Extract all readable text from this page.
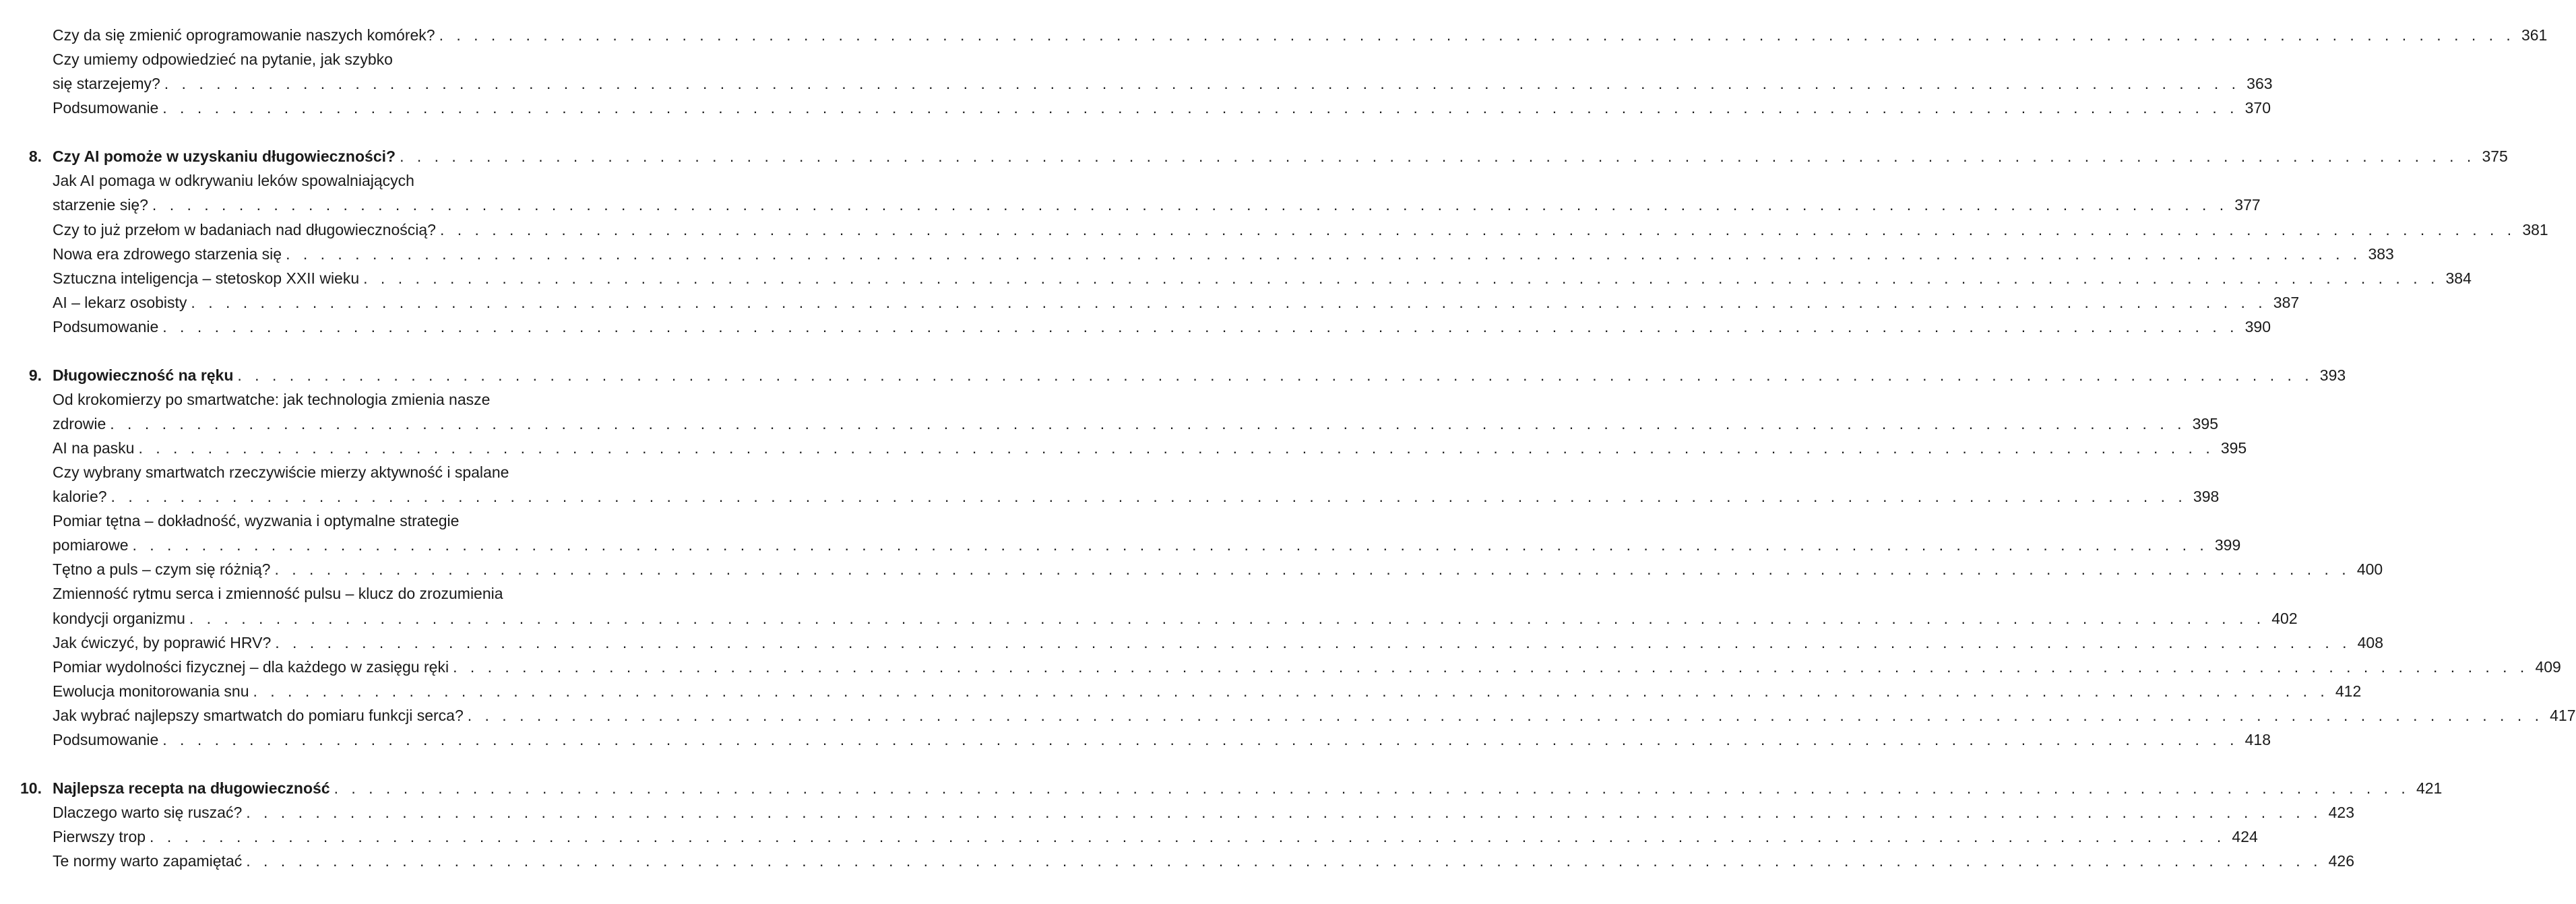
Czy da się zmienić oprogramowanie naszych komórek? . . . . . . . . . . . . . . . . . . . . . . . . . . . . . . . . . . . . . . . . . . . . . . . . . . . . . . . . . . . . . . . . . . . . . . . . . . . . . . . . . . . . . . . . . . . . . . . . . . . . . . . . . . . . . . . . . . . . . . . . 361
Czy umiemy odpowiedzieć na pytanie, jak szybko
się starzejemy? . . . . . . . . . . . . . . . . . . . . . . . . . . . . . . . . . . . . . . . . . . . . . . . . . . . . . . . . . . . . . . . . . . . . . . . . . . . . . . . . . . . . . . . . . . . . . . . . . . . . . . . . . . . . . . . . . . . . . . . . 363
Podsumowanie . . . . . . . . . . . . . . . . . . . . . . . . . . . . . . . . . . . . . . . . . . . . . . . . . . . . . . . . . . . . . . . . . . . . . . . . . . . . . . . . . . . . . . . . . . . . . . . . . . . . . . . . . . . . . . . . . . . . . . . . 370
8. Czy AI pomoże w uzyskaniu długowieczności? . . . . . . . . . . . . . . . . . . . . . . . . . . . . . . . . . . . . . . . . . . . . . . . . . . . . . . . . . . . . . . . . . . . . . . . . . . . . . . . . . . . . . . . . . . . . . . . . . . . . . . . . . . . . . . . . . . . . . . . . 375
Jak AI pomaga w odkrywaniu leków spowalniających
starzenie się? . . . . . . . . . . . . . . . . . . . . . . . . . . . . . . . . . . . . . . . . . . . . . . . . . . . . . . . . . . . . . . . . . . . . . . . . . . . . . . . . . . . . . . . . . . . . . . . . . . . . . . . . . . . . . . . . . . . . . . . . 377
Czy to już przełom w badaniach nad długowiecznością? . . . . . . . . . . . . . . . . . . . . . . . . . . . . . . . . . . . . . . . . . . . . . . . . . . . . . . . . . . . . . . . . . . . . . . . . . . . . . . . . . . . . . . . . . . . . . . . . . . . . . . . . . . . . . . . . . . . . . . . . 381
Nowa era zdrowego starzenia się . . . . . . . . . . . . . . . . . . . . . . . . . . . . . . . . . . . . . . . . . . . . . . . . . . . . . . . . . . . . . . . . . . . . . . . . . . . . . . . . . . . . . . . . . . . . . . . . . . . . . . . . . . . . . . . . . . . . . . . . 383
Sztuczna inteligencja – stetoskop XXII wieku . . . . . . . . . . . . . . . . . . . . . . . . . . . . . . . . . . . . . . . . . . . . . . . . . . . . . . . . . . . . . . . . . . . . . . . . . . . . . . . . . . . . . . . . . . . . . . . . . . . . . . . . . . . . . . . . . . . . . . . . 384
AI – lekarz osobisty . . . . . . . . . . . . . . . . . . . . . . . . . . . . . . . . . . . . . . . . . . . . . . . . . . . . . . . . . . . . . . . . . . . . . . . . . . . . . . . . . . . . . . . . . . . . . . . . . . . . . . . . . . . . . . . . . . . . . . . . 387
Podsumowanie . . . . . . . . . . . . . . . . . . . . . . . . . . . . . . . . . . . . . . . . . . . . . . . . . . . . . . . . . . . . . . . . . . . . . . . . . . . . . . . . . . . . . . . . . . . . . . . . . . . . . . . . . . . . . . . . . . . . . . . . 390
9. Długowieczność na ręku . . . . . . . . . . . . . . . . . . . . . . . . . . . . . . . . . . . . . . . . . . . . . . . . . . . . . . . . . . . . . . . . . . . . . . . . . . . . . . . . . . . . . . . . . . . . . . . . . . . . . . . . . . . . . . . . . . . . . . . . 393
Od krokomierzy po smartwatche: jak technologia zmienia nasze
zdrowie . . . . . . . . . . . . . . . . . . . . . . . . . . . . . . . . . . . . . . . . . . . . . . . . . . . . . . . . . . . . . . . . . . . . . . . . . . . . . . . . . . . . . . . . . . . . . . . . . . . . . . . . . . . . . . . . . . . . . . . . 395
AI na pasku . . . . . . . . . . . . . . . . . . . . . . . . . . . . . . . . . . . . . . . . . . . . . . . . . . . . . . . . . . . . . . . . . . . . . . . . . . . . . . . . . . . . . . . . . . . . . . . . . . . . . . . . . . . . . . . . . . . . . . . . 395
Czy wybrany smartwatch rzeczywiście mierzy aktywność i spalane
kalorie? . . . . . . . . . . . . . . . . . . . . . . . . . . . . . . . . . . . . . . . . . . . . . . . . . . . . . . . . . . . . . . . . . . . . . . . . . . . . . . . . . . . . . . . . . . . . . . . . . . . . . . . . . . . . . . . . . . . . . . . . 398
Pomiar tętna – dokładność, wyzwania i optymalne strategie
pomiarowe . . . . . . . . . . . . . . . . . . . . . . . . . . . . . . . . . . . . . . . . . . . . . . . . . . . . . . . . . . . . . . . . . . . . . . . . . . . . . . . . . . . . . . . . . . . . . . . . . . . . . . . . . . . . . . . . . . . . . . . . 399
Tętno a puls – czym się różnią? . . . . . . . . . . . . . . . . . . . . . . . . . . . . . . . . . . . . . . . . . . . . . . . . . . . . . . . . . . . . . . . . . . . . . . . . . . . . . . . . . . . . . . . . . . . . . . . . . . . . . . . . . . . . . . . . . . . . . . . . 400
Zmienność rytmu serca i zmienność pulsu – klucz do zrozumienia
kondycji organizmu . . . . . . . . . . . . . . . . . . . . . . . . . . . . . . . . . . . . . . . . . . . . . . . . . . . . . . . . . . . . . . . . . . . . . . . . . . . . . . . . . . . . . . . . . . . . . . . . . . . . . . . . . . . . . . . . . . . . . . . . 402
Jak ćwiczyć, by poprawić HRV? . . . . . . . . . . . . . . . . . . . . . . . . . . . . . . . . . . . . . . . . . . . . . . . . . . . . . . . . . . . . . . . . . . . . . . . . . . . . . . . . . . . . . . . . . . . . . . . . . . . . . . . . . . . . . . . . . . . . . . . . 408
Pomiar wydolności fizycznej – dla każdego w zasięgu ręki . . . . . . . . . . . . . . . . . . . . . . . . . . . . . . . . . . . . . . . . . . . . . . . . . . . . . . . . . . . . . . . . . . . . . . . . . . . . . . . . . . . . . . . . . . . . . . . . . . . . . . . . . . . . . . . . . . . . . . . . 409
Ewolucja monitorowania snu . . . . . . . . . . . . . . . . . . . . . . . . . . . . . . . . . . . . . . . . . . . . . . . . . . . . . . . . . . . . . . . . . . . . . . . . . . . . . . . . . . . . . . . . . . . . . . . . . . . . . . . . . . . . . . . . . . . . . . . . 412
Jak wybrać najlepszy smartwatch do pomiaru funkcji serca? . . . . . . . . . . . . . . . . . . . . . . . . . . . . . . . . . . . . . . . . . . . . . . . . . . . . . . . . . . . . . . . . . . . . . . . . . . . . . . . . . . . . . . . . . . . . . . . . . . . . . . . . . . . . . . . . . . . . . . . . 417
Podsumowanie . . . . . . . . . . . . . . . . . . . . . . . . . . . . . . . . . . . . . . . . . . . . . . . . . . . . . . . . . . . . . . . . . . . . . . . . . . . . . . . . . . . . . . . . . . . . . . . . . . . . . . . . . . . . . . . . . . . . . . . . 418
10. Najlepsza recepta na długowieczność . . . . . . . . . . . . . . . . . . . . . . . . . . . . . . . . . . . . . . . . . . . . . . . . . . . . . . . . . . . . . . . . . . . . . . . . . . . . . . . . . . . . . . . . . . . . . . . . . . . . . . . . . . . . . . . . . . . . . . . . 421
Dlaczego warto się ruszać? . . . . . . . . . . . . . . . . . . . . . . . . . . . . . . . . . . . . . . . . . . . . . . . . . . . . . . . . . . . . . . . . . . . . . . . . . . . . . . . . . . . . . . . . . . . . . . . . . . . . . . . . . . . . . . . . . . . . . . . . 423
Pierwszy trop . . . . . . . . . . . . . . . . . . . . . . . . . . . . . . . . . . . . . . . . . . . . . . . . . . . . . . . . . . . . . . . . . . . . . . . . . . . . . . . . . . . . . . . . . . . . . . . . . . . . . . . . . . . . . . . . . . . . . . . . 424
Te normy warto zapamiętać . . . . . . . . . . . . . . . . . . . . . . . . . . . . . . . . . . . . . . . . . . . . . . . . . . . . . . . . . . . . . . . . . . . . . . . . . . . . . . . . . . . . . . . . . . . . . . . . . . . . . . . . . . . . . . . . . . . . . . . . 426
